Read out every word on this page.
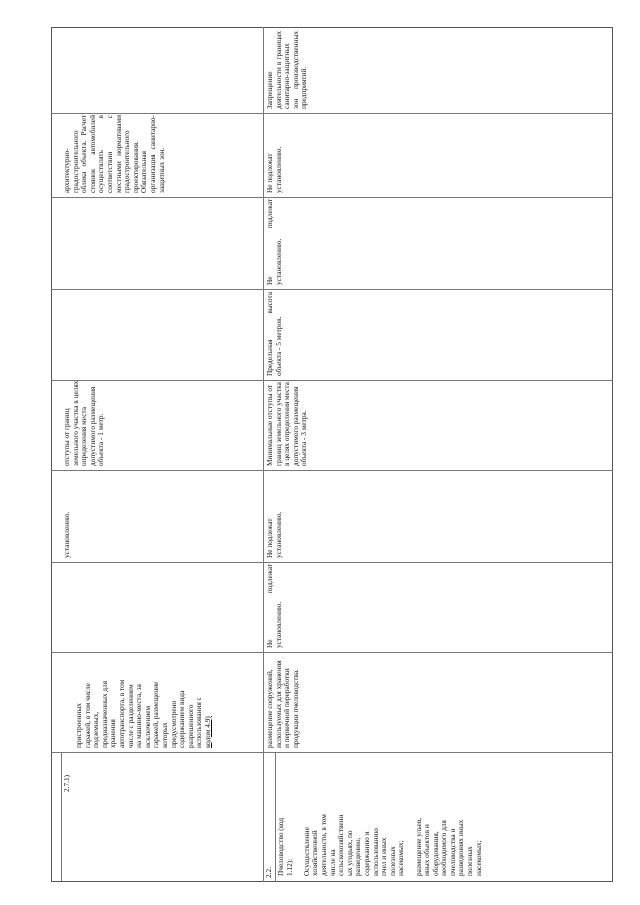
2.7.1)
пристроенных гаражей, в том числе подземных, предназначенных для хранения автотранспорта, в том числе с разделением на машино-места, за исключением гаражей, размещение которых предусмотрено содержанием вида разрешенного использования с кодом 4.9)
установлению.
отступы от границ земельного участка в целях определения места допустимого размещения объекта - 1 метр.
архитектурно-градостроительного облика объекта. Расчет стоянок автомобилей осуществлять в соответствии с местными нормативами градостроительного проектирования. Обязательная организация санитарно-защитных зон.
2.2. Пчеловодство (код 1.12):
Осуществление хозяйственной деятельности, в том числе на сельскохозяйственн ых угодьях, по разведению, содержанию и использованию пчел и иных полезных насекомых;
размещение ульев, иных объектов и оборудования, необходимого для пчеловодства и разведениях иных полезных насекомых;
размещение сооружений, используемых для хранения и первичной переработки продукции пчеловодства.
Не подлежат установлению.
Не подлежат установлению.
Минимальные отступы от границ земельного участка в целях определения места допустимого размещения объекта - 3 метра.
Предельная высота объекта - 5 метров.
Не подлежат установлению.
Не подлежат установлению.
Запрещение деятельности в границах санитарно-защитных зон производственных предприятий.
